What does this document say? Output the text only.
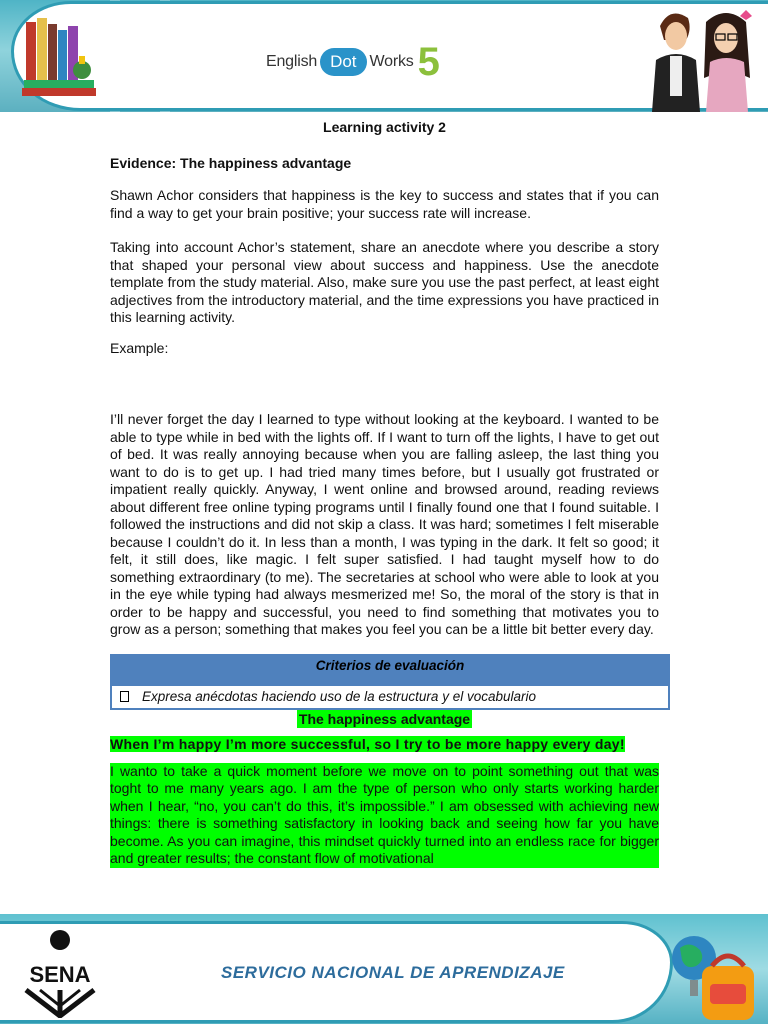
English Dot Works 5
Learning activity 2
Evidence: The happiness advantage

Shawn Achor considers that happiness is the key to success and states that if you can find a way to get your brain positive; your success rate will increase.

Taking into account Achor’s statement, share an anecdote where you describe a story that shaped your personal view about success and happiness. Use the anecdote template from the study material. Also, make sure you use the past perfect, at least eight adjectives from the introductory material, and the time expressions you have practiced in this learning activity.

Example:

I’ll never forget the day I learned to type without looking at the keyboard. I wanted to be able to type while in bed with the lights off. If I want to turn off the lights, I have to get out of bed. It was really annoying because when you are falling asleep, the last thing you want to do is to get up. I had tried many times before, but I usually got frustrated or impatient really quickly. Anyway, I went online and browsed around, reading reviews about different free online typing programs until I finally found one that I found suitable. I followed the instructions and did not skip a class. It was hard; sometimes I felt miserable because I couldn’t do it. In less than a month, I was typing in the dark. It felt so good; it felt, it still does, like magic. I felt super satisfied. I had taught myself how to do something extraordinary (to me). The secretaries at school who were able to look at you in the eye while typing had always mesmerized me! So, the moral of the story is that in order to be happy and successful, you need to find something that motivates you to grow as a person; something that makes you feel you can be a little bit better every day.

Criterios de evaluación
Expresa anécdotas haciendo uso de la estructura y el vocabulario
The happiness advantage
When I’m happy I’m more successful, so I try to be more happy every day!

I wanto to take a quick moment before we move on to point something out that was toght to me many years ago. I am the type of person who only starts working harder when I hear, “no, you can’t do this, it’s impossible.” I am obsessed with achieving new things: there is something satisfactory in looking back and seeing how far you have become. As you can imagine, this mindset quickly turned into an endless race for bigger and greater results; the constant flow of motivational

SENA	SERVICIO NACIONAL DE APRENDIZAJE
